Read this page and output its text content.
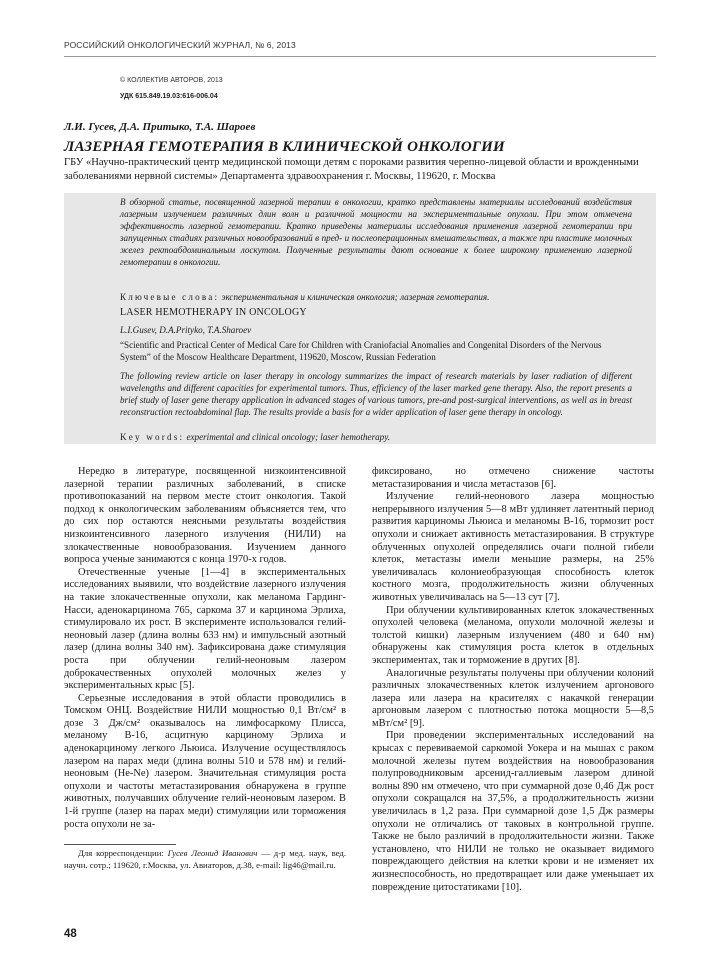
РОССИЙСКИЙ ОНКОЛОГИЧЕСКИЙ ЖУРНАЛ, № 6, 2013
© КОЛЛЕКТИВ АВТОРОВ, 2013
УДК 615.849.19.03:616-006.04
Л.И. Гусев, Д.А. Притыко, Т.А. Шароев
ЛАЗЕРНАЯ ГЕМОТЕРАПИЯ В КЛИНИЧЕСКОЙ ОНКОЛОГИИ
ГБУ «Научно-практический центр медицинской помощи детям с пороками развития черепно-лицевой области и врожденными заболеваниями нервной системы» Департамента здравоохранения г. Москвы, 119620, г. Москва
В обзорной статье, посвященной лазерной терапии в онкологии, кратко представлены материалы исследований воздействия лазерным излучением различных длин волн и различной мощности на экспериментальные опухоли. При этом отмечена эффективность лазерной гемотерапии. Кратко приведены материалы исследования применения лазерной гемотерапии при запущенных стадиях различных новообразований в пред- и послеоперационных вмешательствах, а также при пластике молочных желез ректоабдоминальным лоскутом. Полученные результаты дают основание к более широкому применению лазерной гемотерапии в онкологии.
Ключевые слова: экспериментальная и клиническая онкология; лазерная гемотерапия.
LASER HEMOTHERAPY IN ONCOLOGY
L.I.Gusev, D.A.Prityko, T.A.Sharoev
“Scientific and Practical Center of Medical Care for Children with Craniofacial Anomalies and Congenital Disorders of the Nervous System” of the Moscow Healthcare Department, 119620, Moscow, Russian Federation
The following review article on laser therapy in oncology summarizes the impact of research materials by laser radiation of different wavelengths and different capacities for experimental tumors. Thus, efficiency of the laser marked gene therapy. Also, the report presents a brief study of laser gene therapy application in advanced stages of various tumors, pre-and post-surgical interventions, as well as in breast reconstruction rectoabdominal flap. The results provide a basis for a wider application of laser gene therapy in oncology.
Key words: experimental and clinical oncology; laser hemotherapy.

Нередко в литературе, посвященной низкоинтенсивной лазерной терапии различных заболеваний, в списке противопоказаний на первом месте стоит онкология. Такой подход к онкологическим заболеваниям объясняется тем, что до сих пор остаются неясными результаты воздействия низкоинтенсивного лазерного излучения (НИЛИ) на злокачественные новообразования. Изучением данного вопроса ученые занимаются с конца 1970-х годов.

Отечественные ученые [1—4] в экспериментальных исследованиях выявили, что воздействие лазерного излучения на такие злокачественные опухоли, как меланома Гардинг-Насси, аденокарцинома 765, саркома 37 и карцинома Эрлиха, стимулировало их рост. В эксперименте использовался гелий-неоновый лазер (длина волны 633 нм) и импульсный азотный лазер (длина волны 340 нм). Зафиксирована даже стимуляция роста при облучении гелий-неоновым лазером доброкачественных опухолей молочных желез у экспериментальных крыс [5].

Серьезные исследования в этой области проводились в Томском ОНЦ. Воздействие НИЛИ мощностью 0,1 Вт/см² в дозе 3 Дж/см² оказывалось на лимфосаркому Плисса, меланому В-16, асцитную карциному Эрлиха и аденокарциному легкого Льюиса. Излучение осуществлялось лазером на парах меди (длина волны 510 и 578 нм) и гелий-неоновым (He-Ne) лазером. Значительная стимуляция роста опухоли и частоты метастазирования обнаружена в группе животных, получавших облучение гелий-неоновым лазером. В 1-й группе (лазер на парах меди) стимуляции или торможения роста опухоли не за-

фиксировано, но отмечено снижение частоты метастазирования и числа метастазов [6].

Излучение гелий-неонового лазера мощностью непрерывного излучения 5—8 мВт удлиняет латентный период развития карциномы Льюиса и меланомы В-16, тормозит рост опухоли и снижает активность метастазирования. В структуре облученных опухолей определялись очаги полной гибели клеток, метастазы имели меньшие размеры, на 25% увеличивалась колониеобразующая способность клеток костного мозга, продолжительность жизни облученных животных увеличивалась на 5—13 сут [7].

При облучении культивированных клеток злокачественных опухолей человека (меланома, опухоли молочной железы и толстой кишки) лазерным излучением (480 и 640 нм) обнаружены как стимуляция роста клеток в отдельных экспериментах, так и торможение в других [8].

Аналогичные результаты получены при облучении колоний различных злокачественных клеток излучением аргонового лазера или лазера на красителях с накачкой генерации аргоновым лазером с плотностью потока мощности 5—8,5 мВт/см² [9].

При проведении экспериментальных исследований на крысах с перевиваемой саркомой Уокера и на мышах с раком молочной железы путем воздействия на новообразования полупроводниковым арсенид-галлиевым лазером длиной волны 890 нм отмечено, что при суммарной дозе 0,46 Дж рост опухоли сокращался на 37,5%, а продолжительность жизни увеличилась в 1,2 раза. При суммарной дозе 1,5 Дж размеры опухоли не отличались от таковых в контрольной группе. Также не было различий в продолжительности жизни. Также установлено, что НИЛИ не только не оказывает видимого повреждающего действия на клетки крови и не изменяет их жизнеспособность, но предотвращает или даже уменьшает их повреждение цитостатиками [10].

Для корреспонденции: Гусев Леонид Иванович — д-р мед. наук, вед. научн. сотр.; 119620, г.Москва, ул. Авиаторов, д.38, e-mail: lig46@mail.ru.
48
